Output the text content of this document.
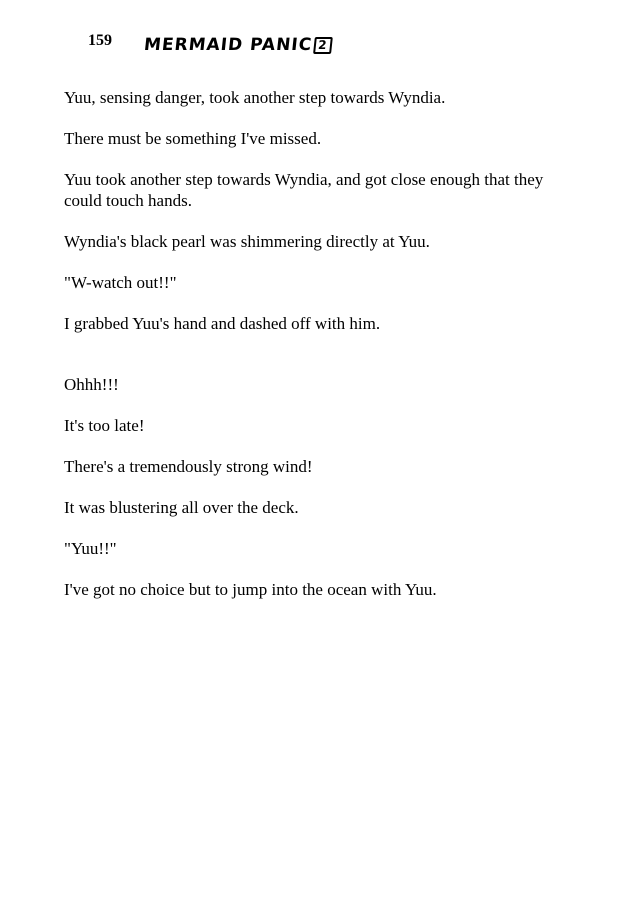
159 MERMAID PANIC 2

Yuu, sensing danger, took another step towards Wyndia.

There must be something I've missed.

Yuu took another step towards Wyndia, and got close enough that they could touch hands.

Wyndia's black pearl was shimmering directly at Yuu.

"W-watch out!!"

I grabbed Yuu's hand and dashed off with him.

Ohhh!!!

It's too late!

There's a tremendously strong wind!

It was blustering all over the deck.

"Yuu!!"

I've got no choice but to jump into the ocean with Yuu.
